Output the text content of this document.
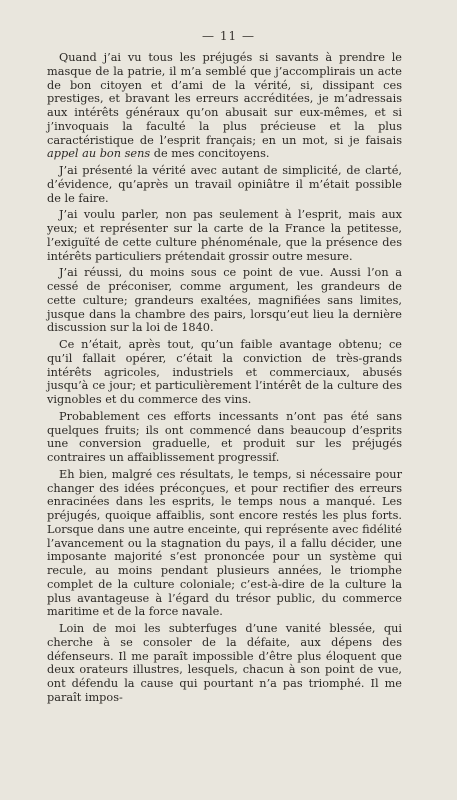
— 11 —

Quand j’ai vu tous les préjugés si savants à prendre le masque de la patrie, il m’a semblé que j’accomplirais un acte de bon citoyen et d’ami de la vérité, si, dissipant ces prestiges, et bravant les erreurs accréditées, je m’adressais aux intérêts généraux qu’on abusait sur eux-mêmes, et si j’invoquais la faculté la plus précieuse et la plus caractéristique de l’esprit français; en un mot, si je faisais appel au bon sens de mes concitoyens.

J’ai présenté la vérité avec autant de simplicité, de clarté, d’évidence, qu’après un travail opiniâtre il m’était possible de le faire.

J’ai voulu parler, non pas seulement à l’esprit, mais aux yeux; et représenter sur la carte de la France la petitesse, l’exiguïté de cette culture phénoménale, que la présence des intérêts particuliers prétendait grossir outre mesure.

J’ai réussi, du moins sous ce point de vue. Aussi l’on a cessé de préconiser, comme argument, les grandeurs de cette culture; grandeurs exaltées, magnifiées sans limites, jusque dans la chambre des pairs, lorsqu’eut lieu la dernière discussion sur la loi de 1840.

Ce n’était, après tout, qu’un faible avantage obtenu; ce qu’il fallait opérer, c’était la conviction de très-grands intérêts agricoles, industriels et commerciaux, abusés jusqu’à ce jour; et particulièrement l’intérêt de la culture des vignobles et du commerce des vins.

Probablement ces efforts incessants n’ont pas été sans quelques fruits; ils ont commencé dans beaucoup d’esprits une conversion graduelle, et produit sur les préjugés contraires un affaiblissement progressif.

Eh bien, malgré ces résultats, le temps, si nécessaire pour changer des idées préconçues, et pour rectifier des erreurs enracinées dans les esprits, le temps nous a manqué. Les préjugés, quoique affaiblis, sont encore restés les plus forts. Lorsque dans une autre enceinte, qui représente avec fidélité l’avancement ou la stagnation du pays, il a fallu décider, une imposante majorité s’est prononcée pour un système qui recule, au moins pendant plusieurs années, le triomphe complet de la culture coloniale; c’est-à-dire de la culture la plus avantageuse à l’égard du trésor public, du commerce maritime et de la force navale.

Loin de moi les subterfuges d’une vanité blessée, qui cherche à se consoler de la défaite, aux dépens des défenseurs. Il me paraît impossible d’être plus éloquent que deux orateurs illustres, lesquels, chacun à son point de vue, ont défendu la cause qui pourtant n’a pas triomphé. Il me paraît impos-
